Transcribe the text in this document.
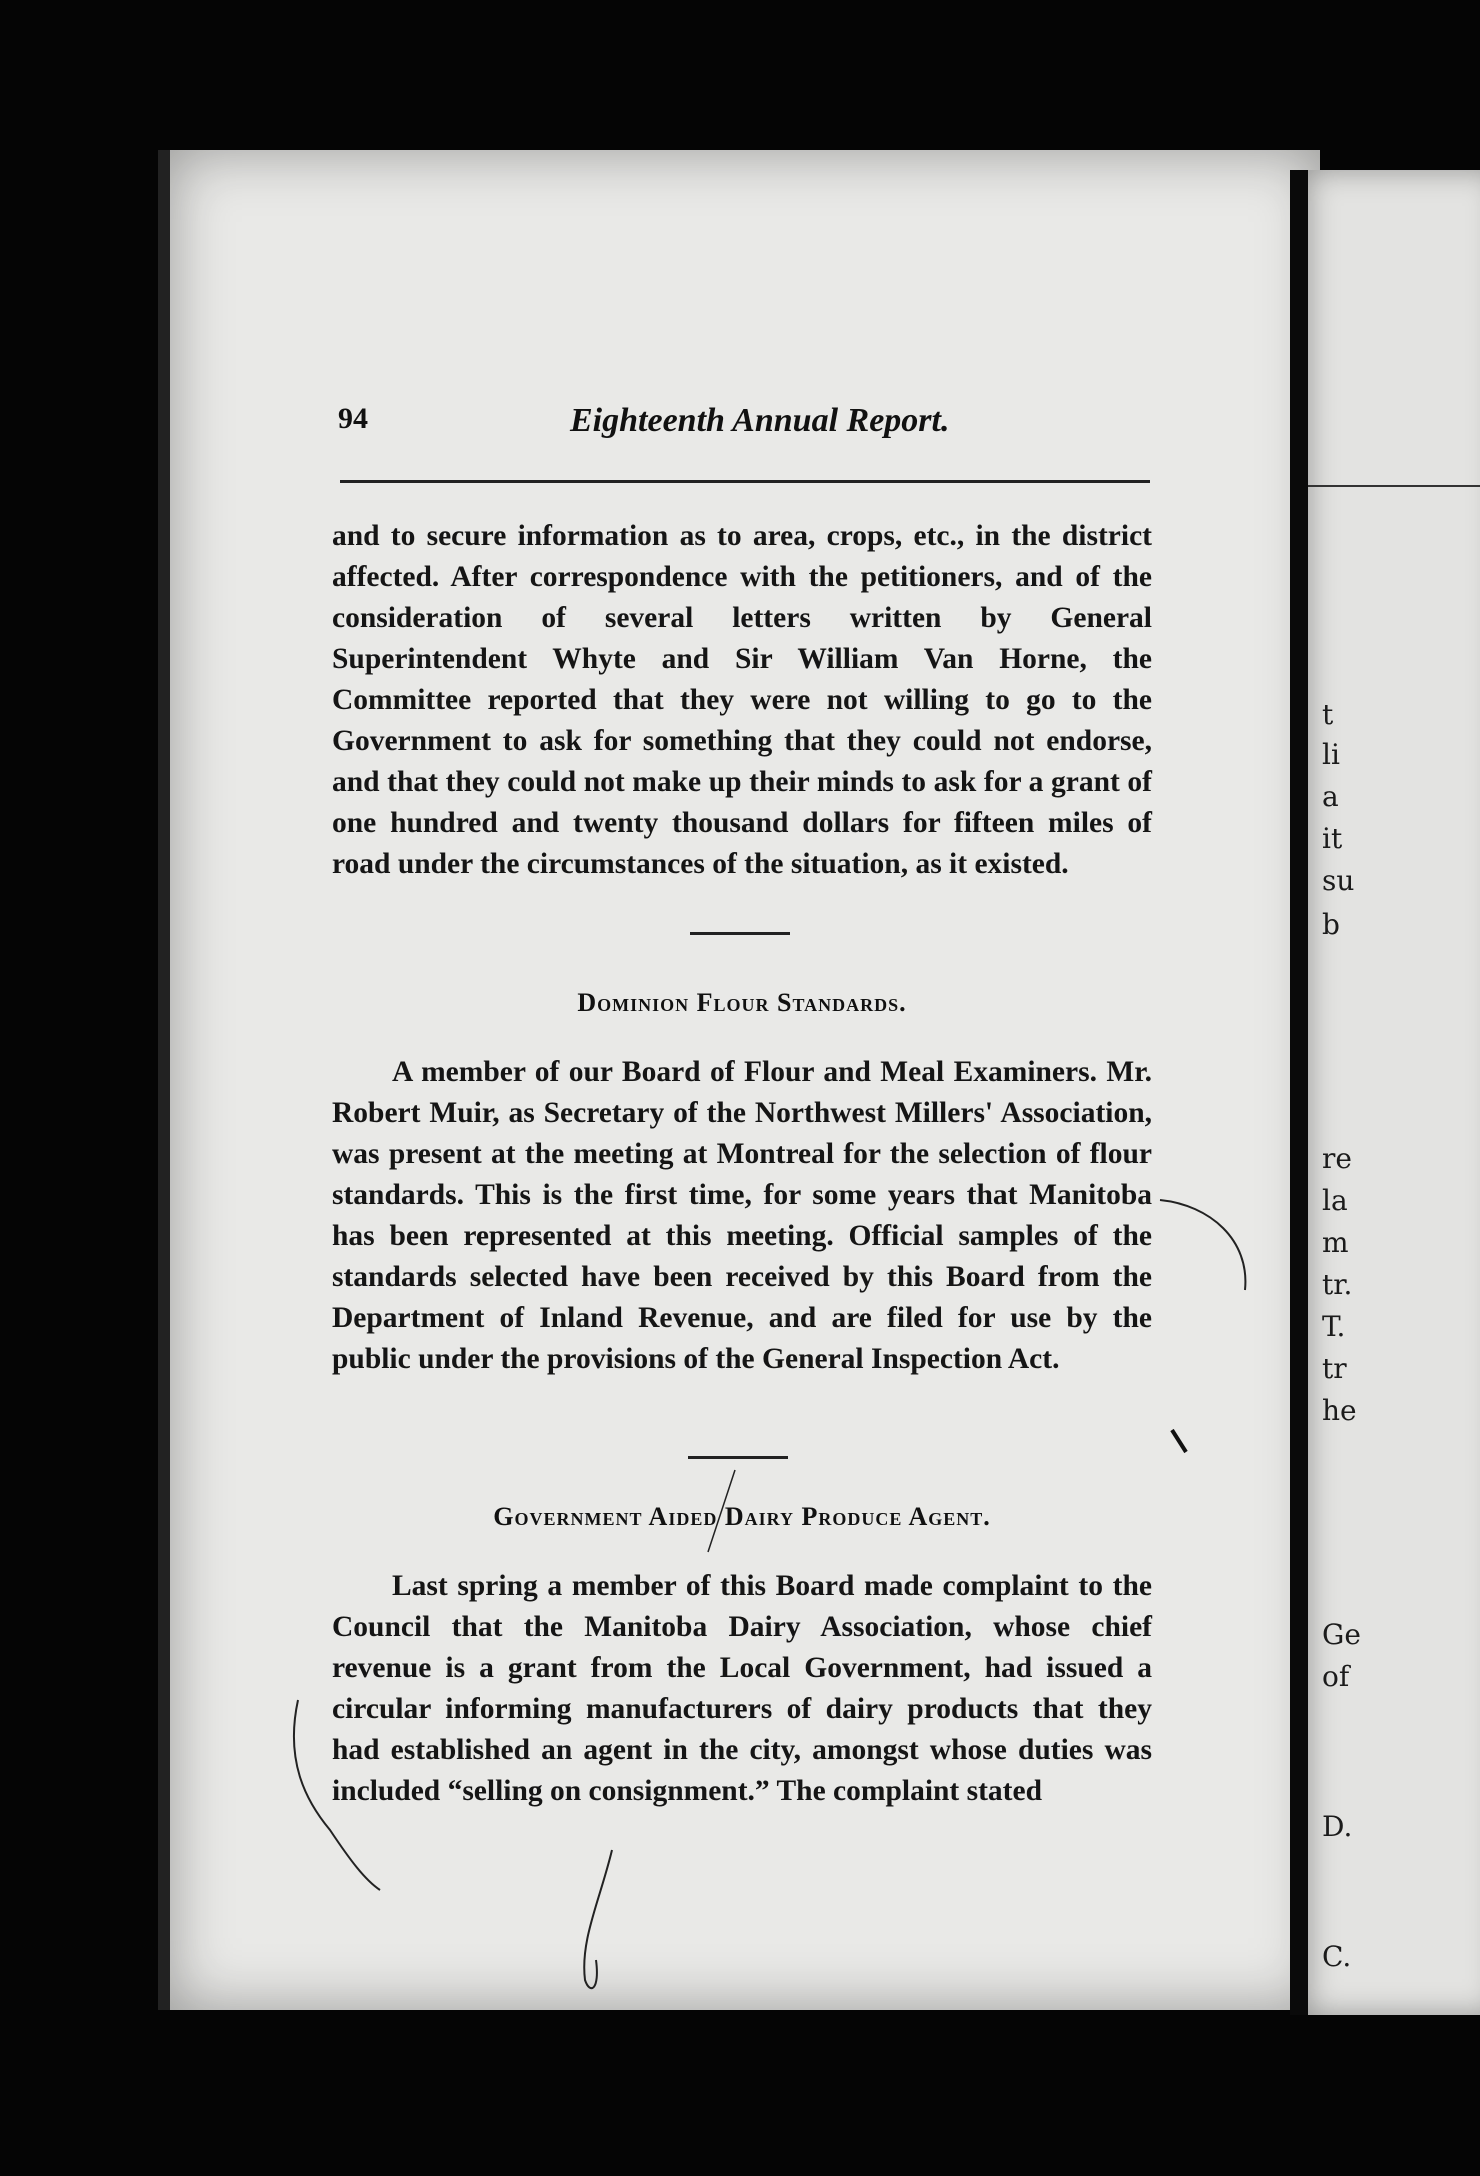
t
li
a
it
su
b
re
la
m
tr.
T.
tr
he
Ge
of
D.
C.
94	Eighteenth Annual Report.

and to secure information as to area, crops, etc., in the district affected. After correspondence with the petitioners, and of the consideration of several letters written by General Superintendent Whyte and Sir William Van Horne, the Committee reported that they were not willing to go to the Government to ask for something that they could not endorse, and that they could not make up their minds to ask for a grant of one hundred and twenty thousand dollars for fifteen miles of road under the circumstances of the situation, as it existed.

Dominion Flour Standards.

A member of our Board of Flour and Meal Examiners. Mr. Robert Muir, as Secretary of the Northwest Millers' Association, was present at the meeting at Montreal for the selection of flour standards. This is the first time, for some years that Manitoba has been represented at this meeting. Official samples of the standards selected have been received by this Board from the Department of Inland Revenue, and are filed for use by the public under the provisions of the General Inspection Act.

Government Aided Dairy Produce Agent.

Last spring a member of this Board made complaint to the Council that the Manitoba Dairy Association, whose chief revenue is a grant from the Local Government, had issued a circular informing manufacturers of dairy products that they had established an agent in the city, amongst whose duties was included “selling on consignment.” The complaint stated
